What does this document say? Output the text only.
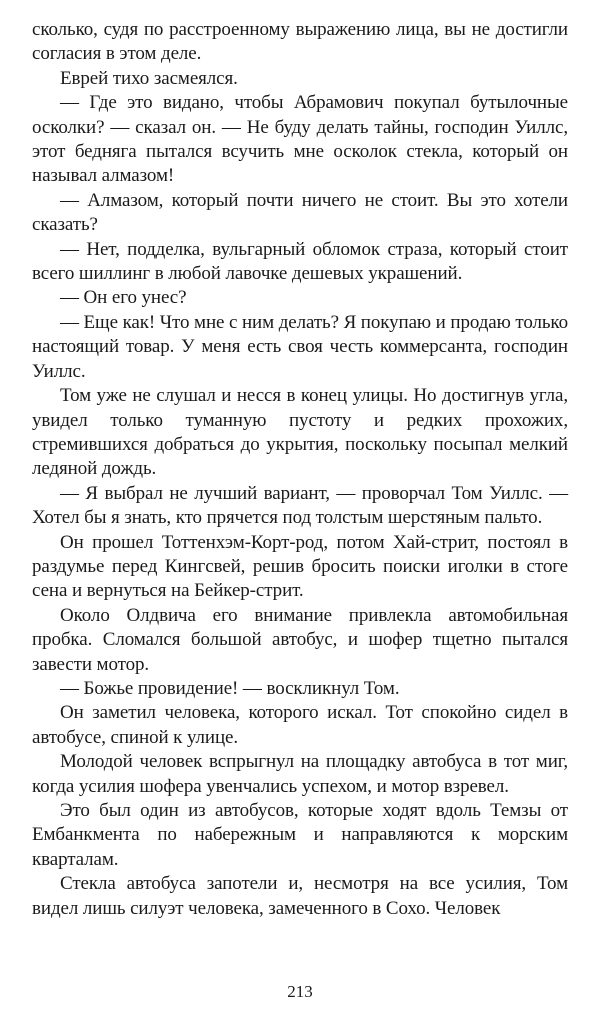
сколько, судя по расстроенному выражению лица, вы не достигли согласия в этом деле.

Еврей тихо засмеялся.

— Где это видано, чтобы Абрамович покупал бутылочные осколки? — сказал он. — Не буду делать тайны, господин Уиллс, этот бедняга пытался всучить мне осколок стекла, который он называл алмазом!

— Алмазом, который почти ничего не стоит. Вы это хотели сказать?

— Нет, подделка, вульгарный обломок страза, который стоит всего шиллинг в любой лавочке дешевых украшений.

— Он его унес?

— Еще как! Что мне с ним делать? Я покупаю и продаю только настоящий товар. У меня есть своя честь коммерсанта, господин Уиллс.

Том уже не слушал и несся в конец улицы. Но достигнув угла, увидел только туманную пустоту и редких прохожих, стремившихся добраться до укрытия, поскольку посыпал мелкий ледяной дождь.

— Я выбрал не лучший вариант, — проворчал Том Уиллс. — Хотел бы я знать, кто прячется под толстым шерстяным пальто.

Он прошел Тоттенхэм-Корт-род, потом Хай-стрит, постоял в раздумье перед Кингсвей, решив бросить поиски иголки в стоге сена и вернуться на Бейкер-стрит.

Около Олдвича его внимание привлекла автомобильная пробка. Сломался большой автобус, и шофер тщетно пытался завести мотор.

— Божье провидение! — воскликнул Том.

Он заметил человека, которого искал. Тот спокойно сидел в автобусе, спиной к улице.

Молодой человек вспрыгнул на площадку автобуса в тот миг, когда усилия шофера увенчались успехом, и мотор взревел.

Это был один из автобусов, которые ходят вдоль Темзы от Ембанкмента по набережным и направляются к морским кварталам.

Стекла автобуса запотели и, несмотря на все усилия, Том видел лишь силуэт человека, замеченного в Сохо. Человек

213
